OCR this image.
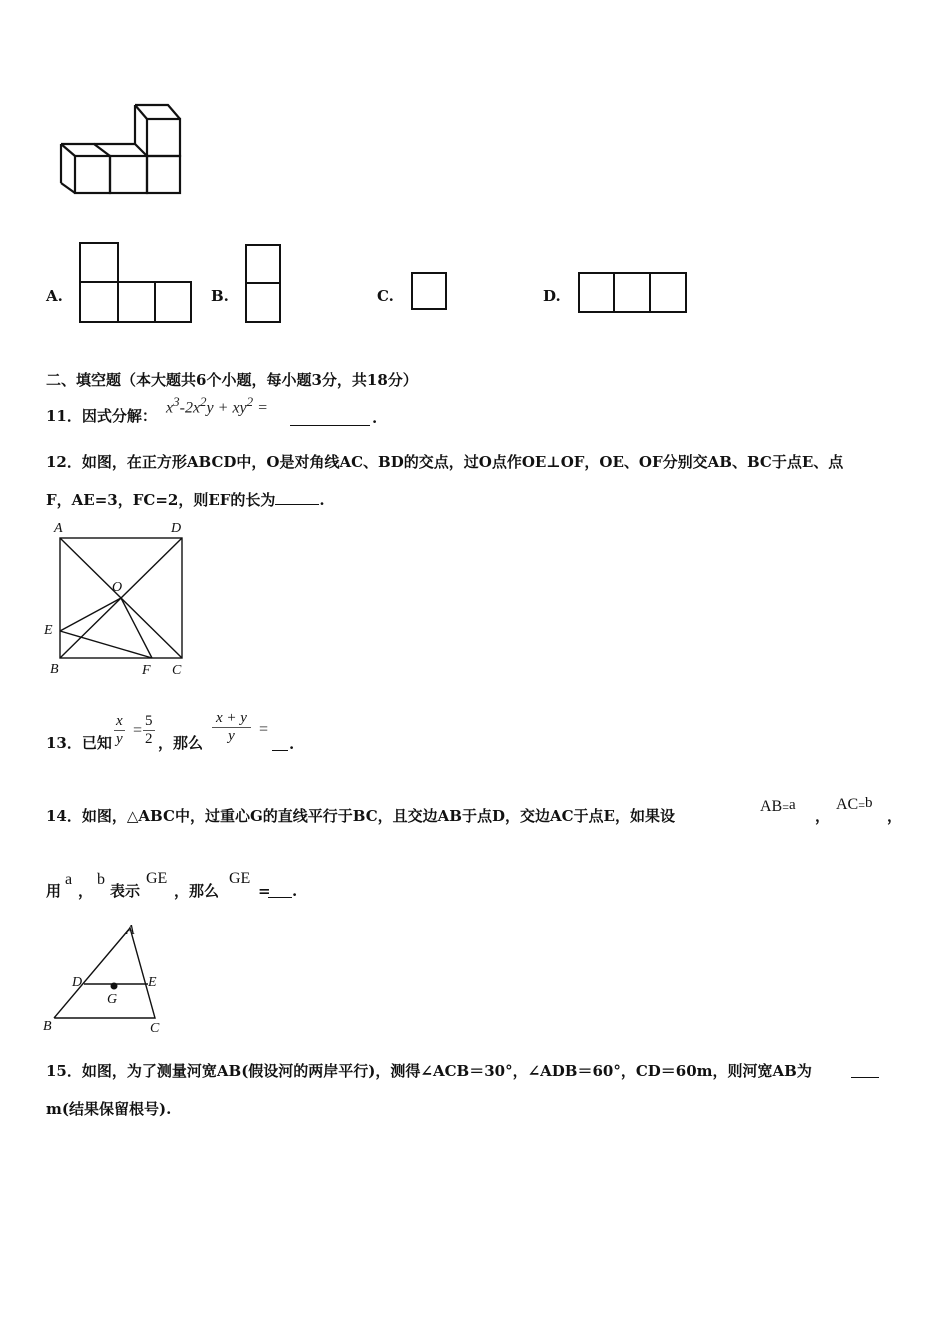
A.	B.	C.	D.
二、填空题（本大题共6个小题，每小题3分，共18分）
11．因式分解： $x^3-2x^2y + xy^2$ =
.
12．如图，在正方形ABCD中，O是对角线AC、BD的交点，过O点作OE⊥OF，OE、OF分别交AB、BC于点E、点
F，AE=3，FC=2，则EF的长为	.
A	D
O
E
B	F C
13．已知 $\frac{x}{y} = \frac{5}{2}$ ，那么 $\frac{x + y}{y}$ =
.
14．如图，△ABC中，过重心G的直线平行于BC，且交边AB于点D，交边AC于点E，如果设
AB=a
，
AC=b
，
用
a
，
b
表示
GE
，那么
GE
= .
A
D	E
G
B	C
15．如图，为了测量河宽AB(假设河的两岸平行)，测得∠ACB＝30°，∠ADB＝60°，CD＝60m，则河宽AB为
m(结果保留根号).
